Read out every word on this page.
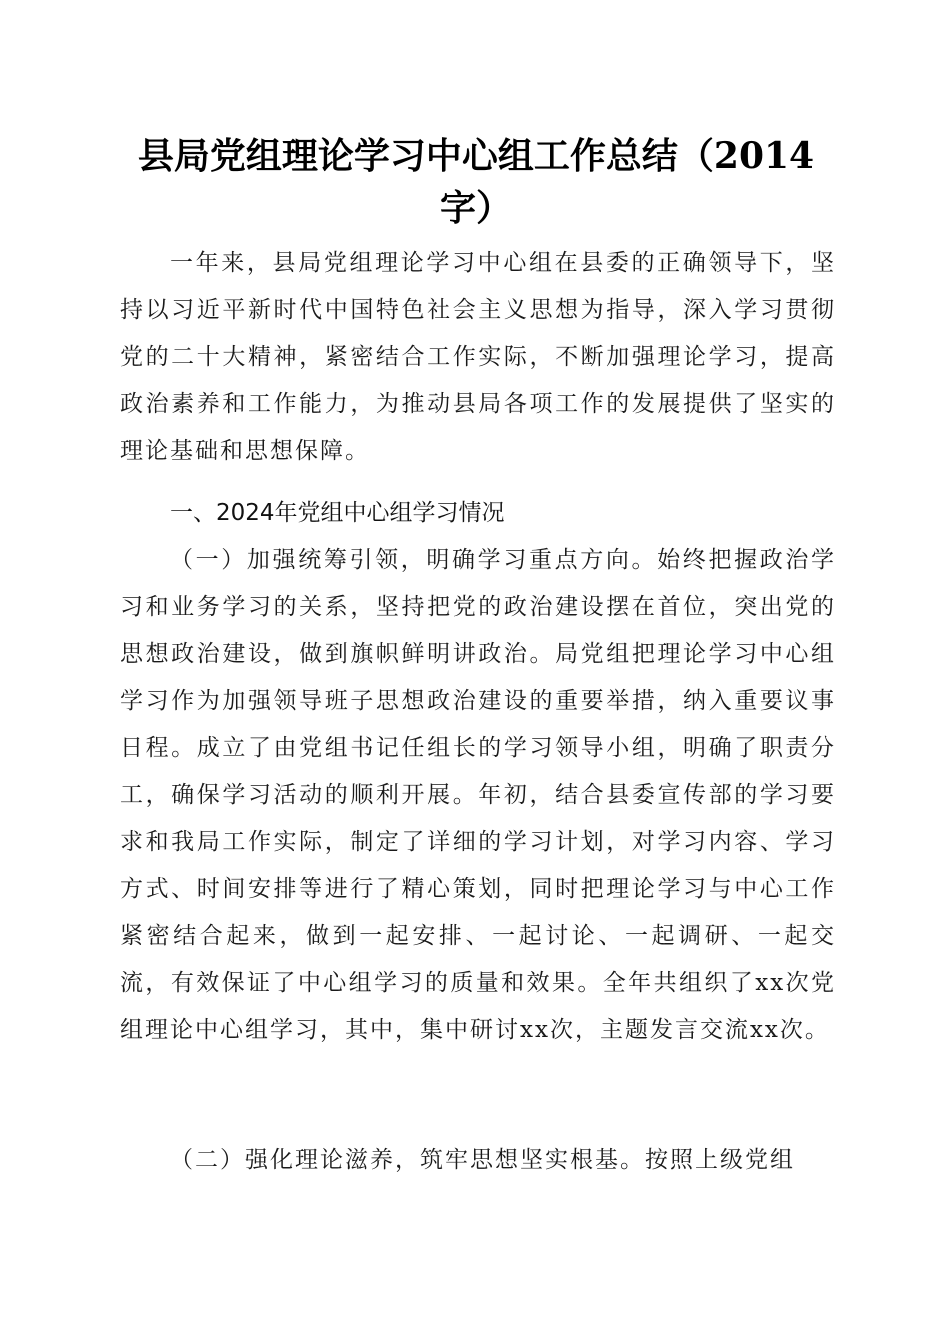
县局党组理论学习中心组工作总结（2014字）

一年来，县局党组理论学习中心组在县委的正确领导下，坚持以习近平新时代中国特色社会主义思想为指导，深入学习贯彻党的二十大精神，紧密结合工作实际，不断加强理论学习，提高政治素养和工作能力，为推动县局各项工作的发展提供了坚实的理论基础和思想保障。

一、2024年党组中心组学习情况

（一）加强统筹引领，明确学习重点方向。始终把握政治学习和业务学习的关系，坚持把党的政治建设摆在首位，突出党的思想政治建设，做到旗帜鲜明讲政治。局党组把理论学习中心组学习作为加强领导班子思想政治建设的重要举措，纳入重要议事日程。成立了由党组书记任组长的学习领导小组，明确了职责分工，确保学习活动的顺利开展。年初，结合县委宣传部的学习要求和我局工作实际，制定了详细的学习计划，对学习内容、学习方式、时间安排等进行了精心策划，同时把理论学习与中心工作紧密结合起来，做到一起安排、一起讨论、一起调研、一起交流，有效保证了中心组学习的质量和效果。全年共组织了xx次党组理论中心组学习，其中，集中研讨xx次，主题发言交流xx次。

（二）强化理论滋养，筑牢思想坚实根基。按照上级党组
